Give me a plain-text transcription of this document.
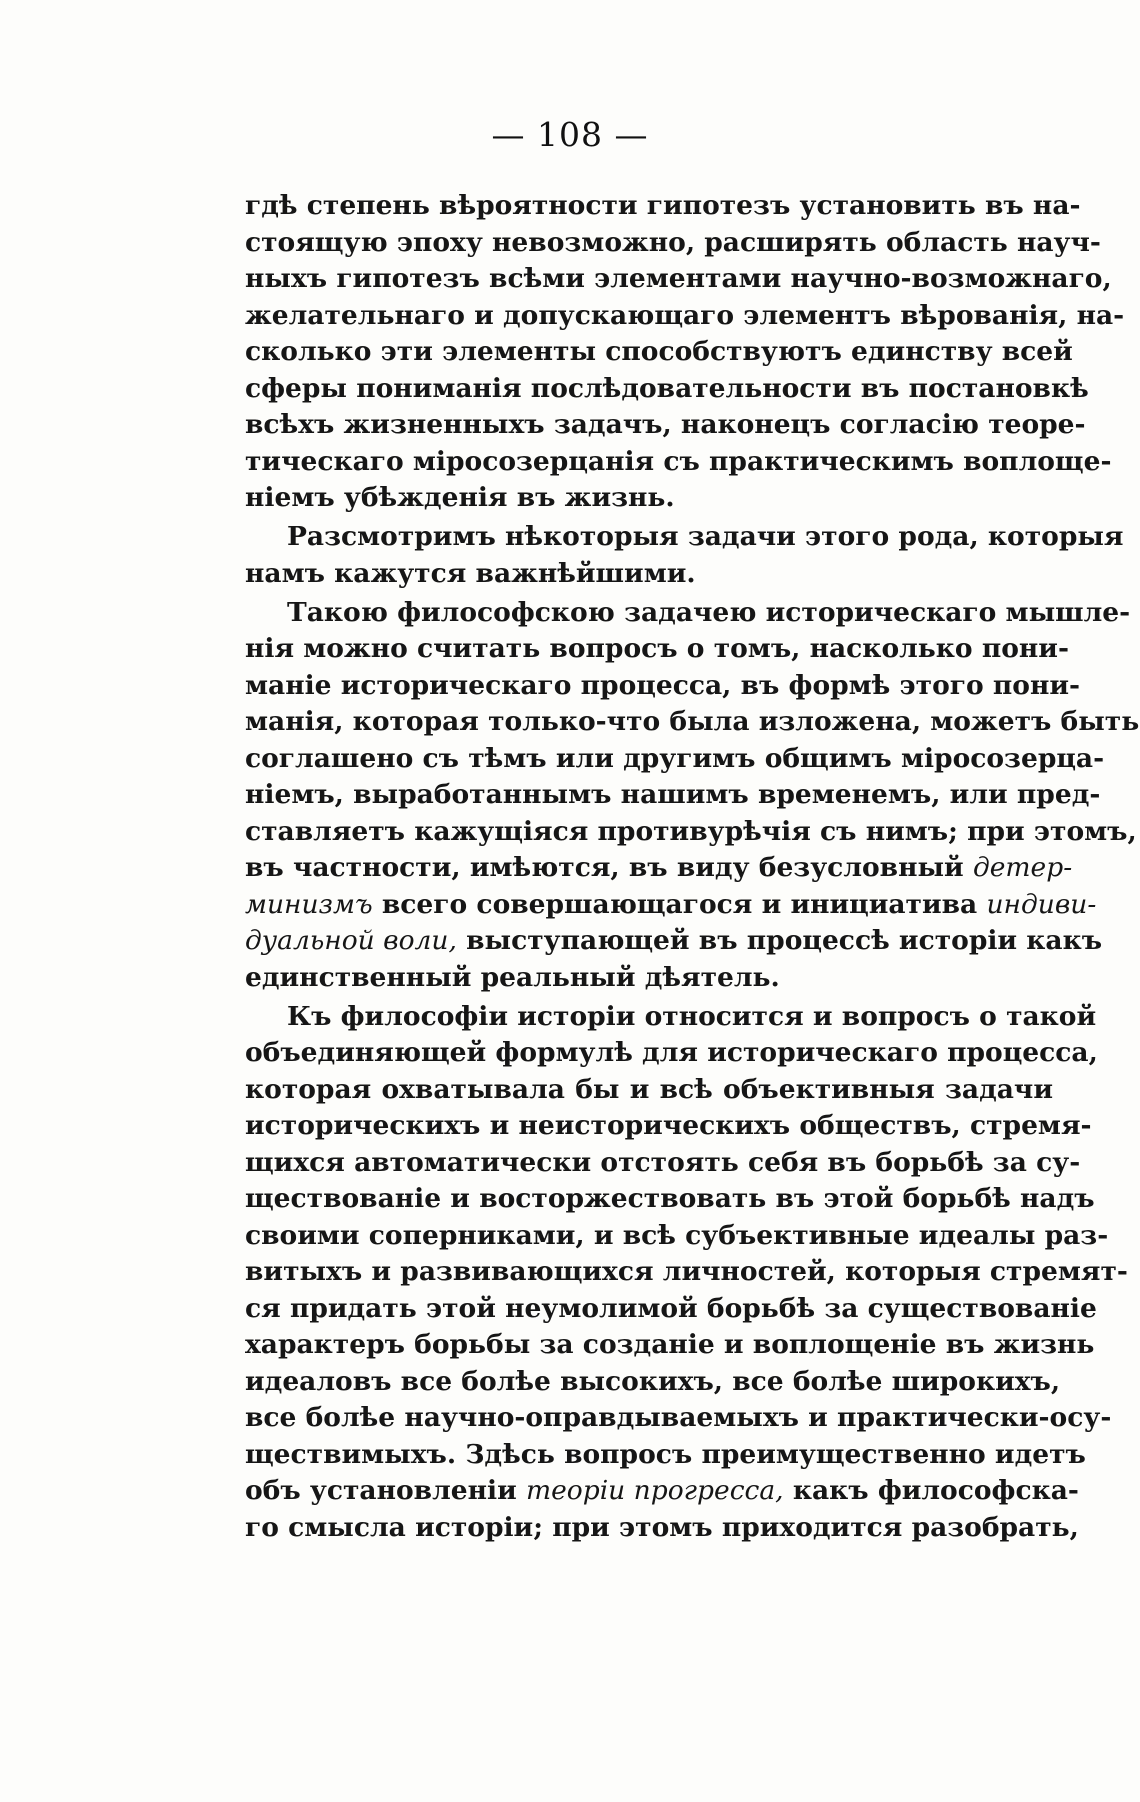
— 108 —
гдѣ степень вѣроятности гипотезъ установить въ на-
стоящую эпоху невозможно, расширять область науч-
ныхъ гипотезъ всѣми элементами научно-возможнаго,
желательнаго и допускающаго элементъ вѣрованія, на-
сколько эти элементы способствуютъ единству всей
сферы пониманія послѣдовательности въ постановкѣ
всѣхъ жизненныхъ задачъ, наконецъ согласію теоре-
тическаго міросозерцанія съ практическимъ воплоще-
ніемъ убѣжденія въ жизнь.
Разсмотримъ нѣкоторыя задачи этого рода, которыя
намъ кажутся важнѣйшими.
Такою философскою задачею историческаго мышле-
нія можно считать вопросъ о томъ, насколько пони-
маніе историческаго процесса, въ формѣ этого пони-
манія, которая только-что была изложена, можетъ быть
соглашено съ тѣмъ или другимъ общимъ міросозерца-
ніемъ, выработаннымъ нашимъ временемъ, или пред-
ставляетъ кажущіяся противурѣчія съ нимъ; при этомъ,
въ частности, имѣются, въ виду безусловный детер-
минизмъ всего совершающагося и инициатива индиви-
дуальной воли, выступающей въ процессѣ исторіи какъ
единственный реальный дѣятель.
Къ философіи исторіи относится и вопросъ о такой
объединяющей формулѣ для историческаго процесса,
которая охватывала бы и всѣ объективныя задачи
историческихъ и неисторическихъ обществъ, стремя-
щихся автоматически отстоять себя въ борьбѣ за су-
ществованіе и восторжествовать въ этой борьбѣ надъ
своими соперниками, и всѣ субъективные идеалы раз-
витыхъ и развивающихся личностей, которыя стремят-
ся придать этой неумолимой борьбѣ за существованіе
характеръ борьбы за созданіе и воплощеніе въ жизнь
идеаловъ все болѣе высокихъ, все болѣе широкихъ,
все болѣе научно-оправдываемыхъ и практически-осу-
ществимыхъ. Здѣсь вопросъ преимущественно идетъ
объ установленіи теоріи прогресса, какъ философска-
го смысла исторіи; при этомъ приходится разобрать,
